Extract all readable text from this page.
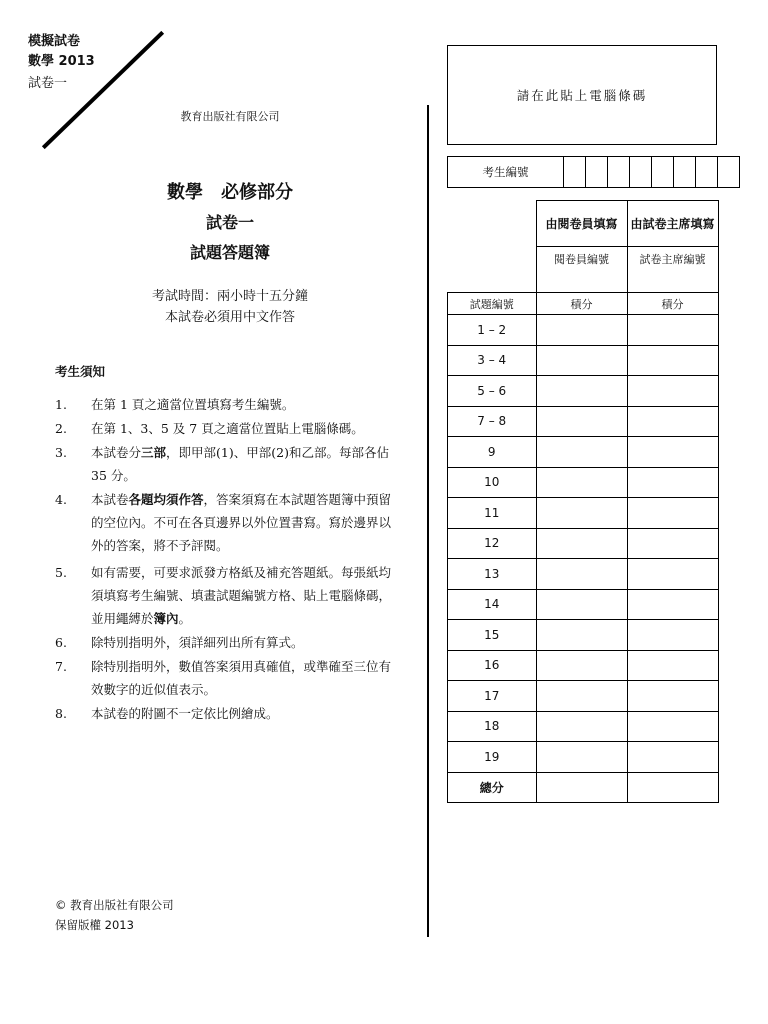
模擬試卷
數學 2013
試卷一
教育出版社有限公司
數學　必修部分
試卷一
試題答題簿
考試時間：兩小時十五分鐘
本試卷必須用中文作答
考生須知
1.	在第 1 頁之適當位置填寫考生編號。
2.	在第 1、3、5 及 7 頁之適當位置貼上電腦條碼。
3.	本試卷分三部，即甲部(1)、甲部(2)和乙部。每部各佔 35 分。
4.	本試卷各題均須作答，答案須寫在本試題答題簿中預留的空位內。不可在各頁邊界以外位置書寫。寫於邊界以外的答案，將不予評閱。
5.	如有需要，可要求派發方格紙及補充答題紙。每張紙均須填寫考生編號、填畫試題編號方格、貼上電腦條碼，並用繩縛於簿內。
6.	除特別指明外，須詳細列出所有算式。
7.	除特別指明外，數值答案須用真確值，或準確至三位有效數字的近似值表示。
8.	本試卷的附圖不一定依比例繪成。
© 教育出版社有限公司
保留版權 2013
請在此貼上電腦條碼
考生編號								
	由閱卷員填寫	由試卷主席填寫
	閱卷員編號	試卷主席編號
試題編號	積分	積分
1 – 2		
3 – 4		
5 – 6		
7 – 8		
9		
10		
11		
12		
13		
14		
15		
16		
17		
18		
19		
總分		
